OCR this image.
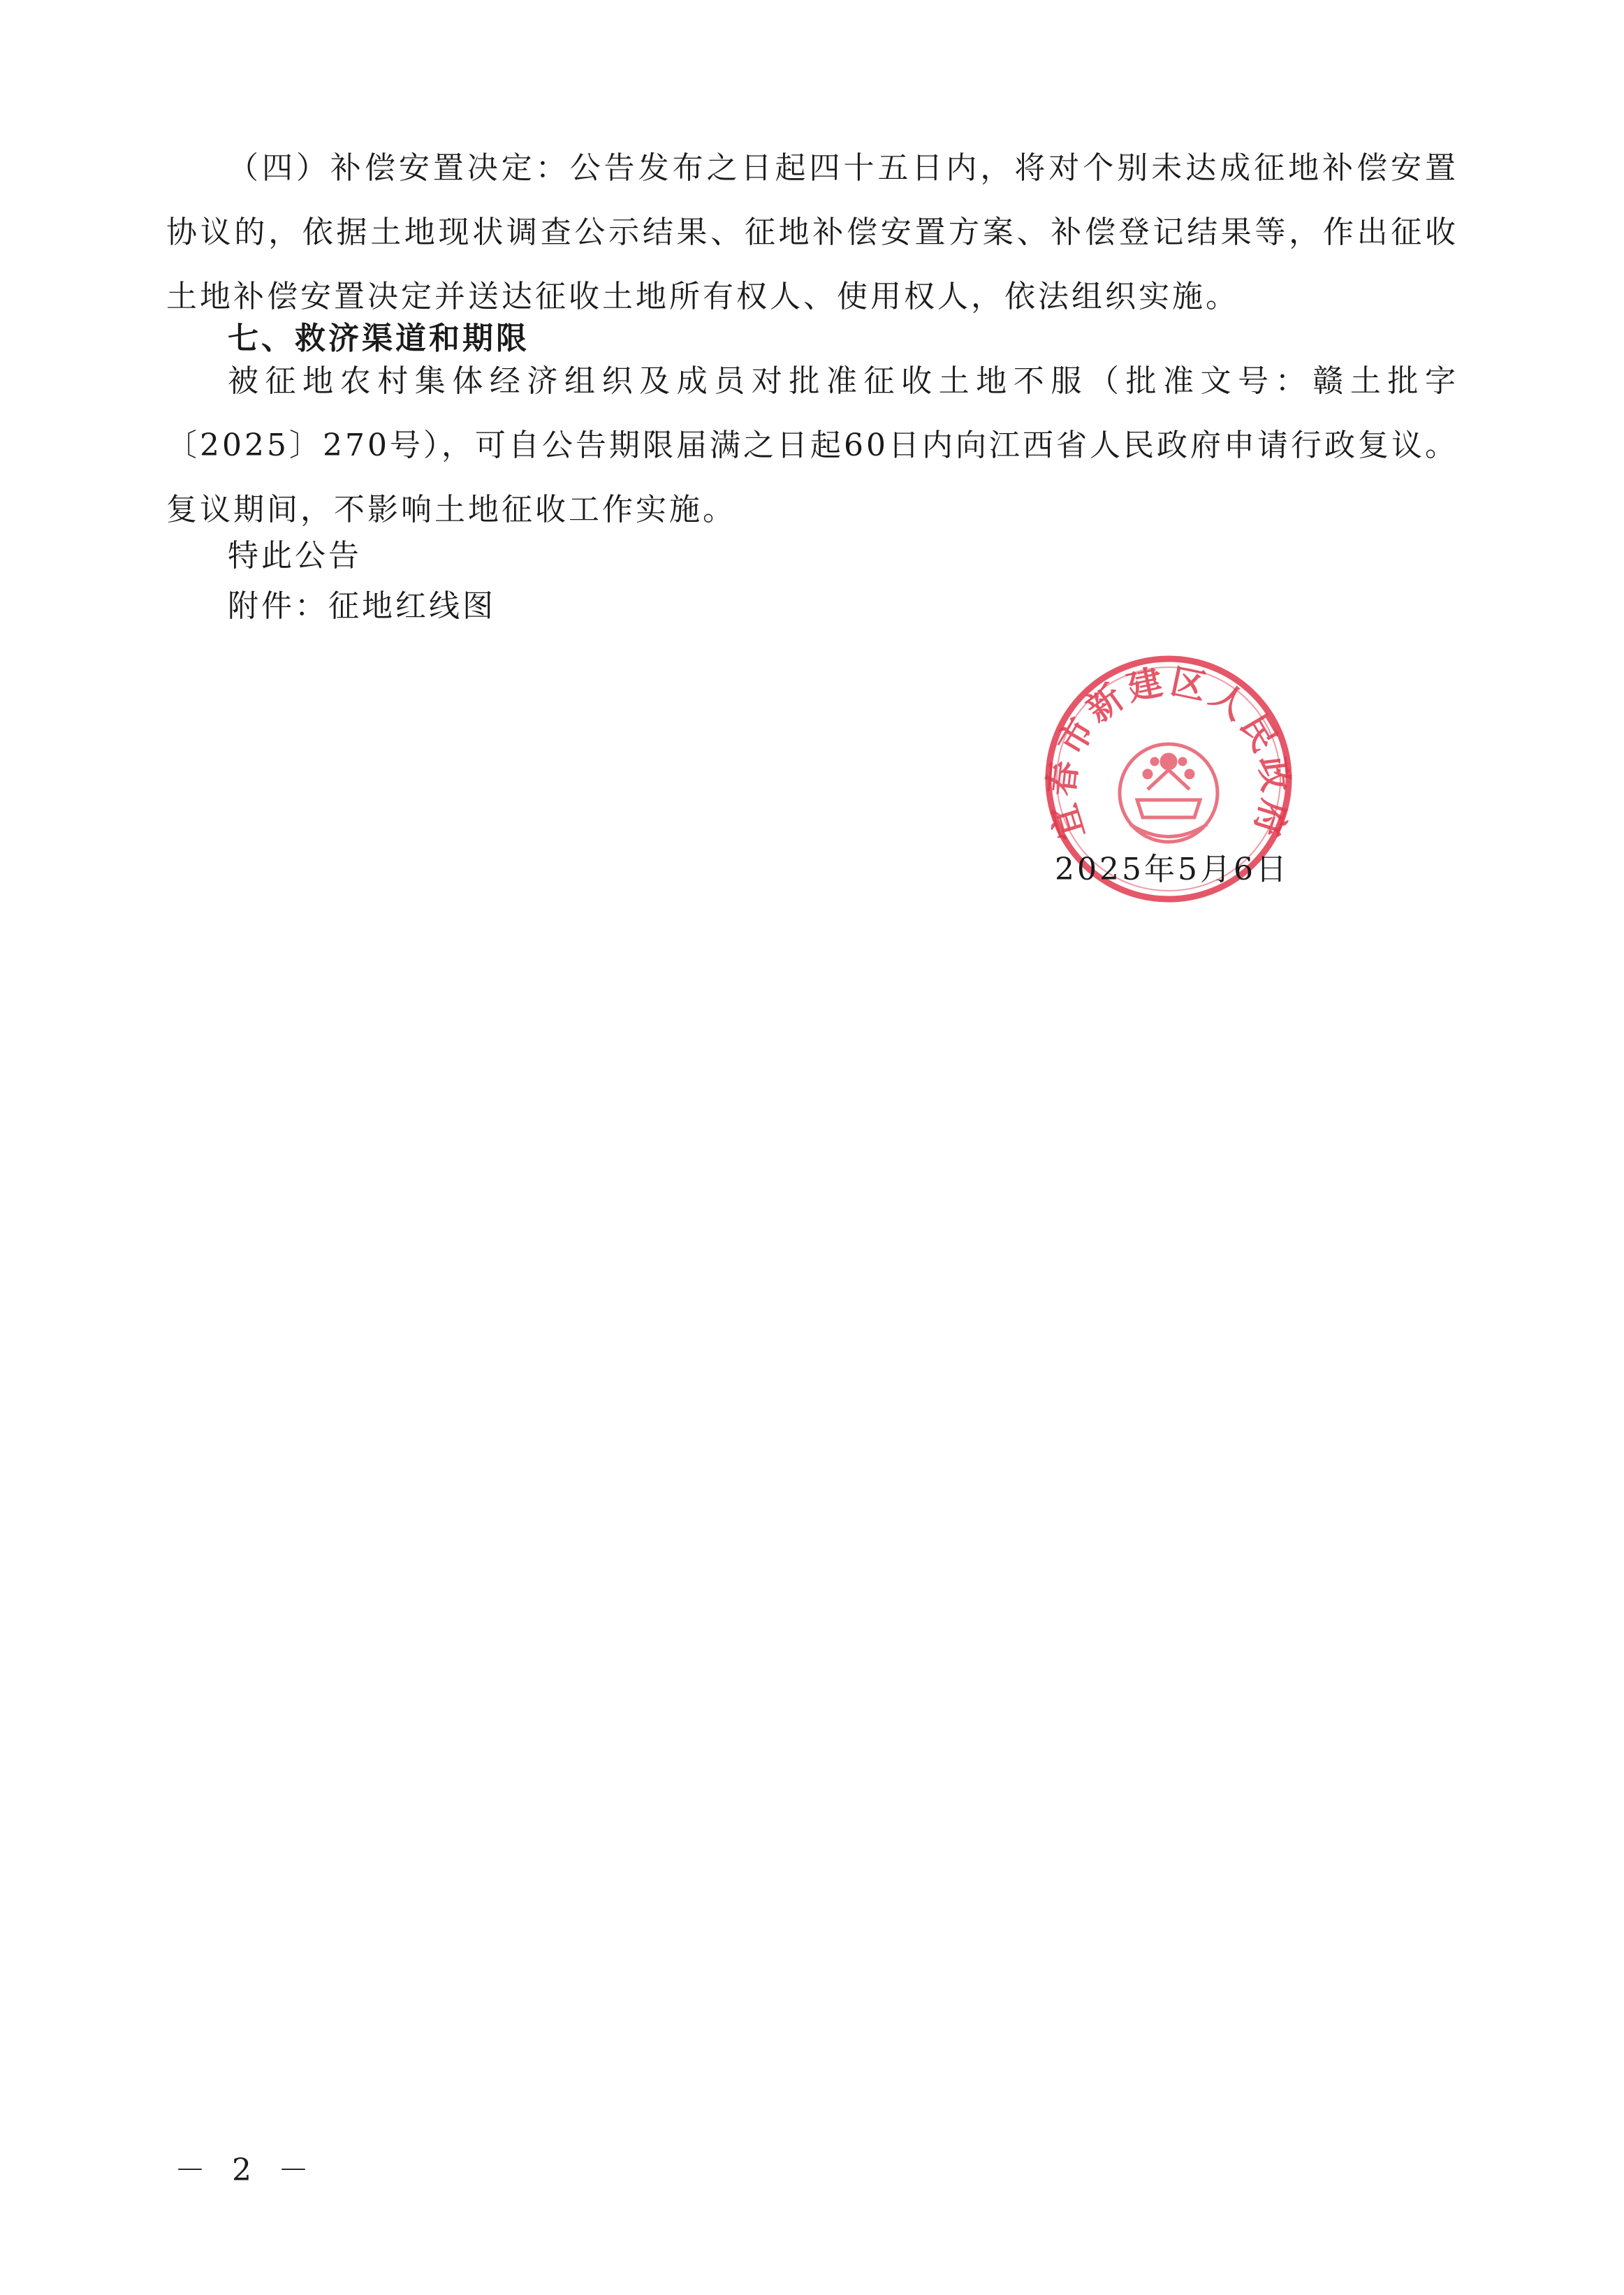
（四）补偿安置决定：公告发布之日起四十五日内，将对个别未达成征地补偿安置协议的，依据土地现状调查公示结果、征地补偿安置方案、补偿登记结果等，作出征收土地补偿安置决定并送达征收土地所有权人、使用权人，依法组织实施。

七、救济渠道和期限

被征地农村集体经济组织及成员对批准征收土地不服（批准文号：赣土批字〔2025〕270号），可自公告期限届满之日起60日内向江西省人民政府申请行政复议。复议期间，不影响土地征收工作实施。

特此公告

附件：征地红线图

宜春市新建区人民政府

2025年5月6日

－ 2 －
